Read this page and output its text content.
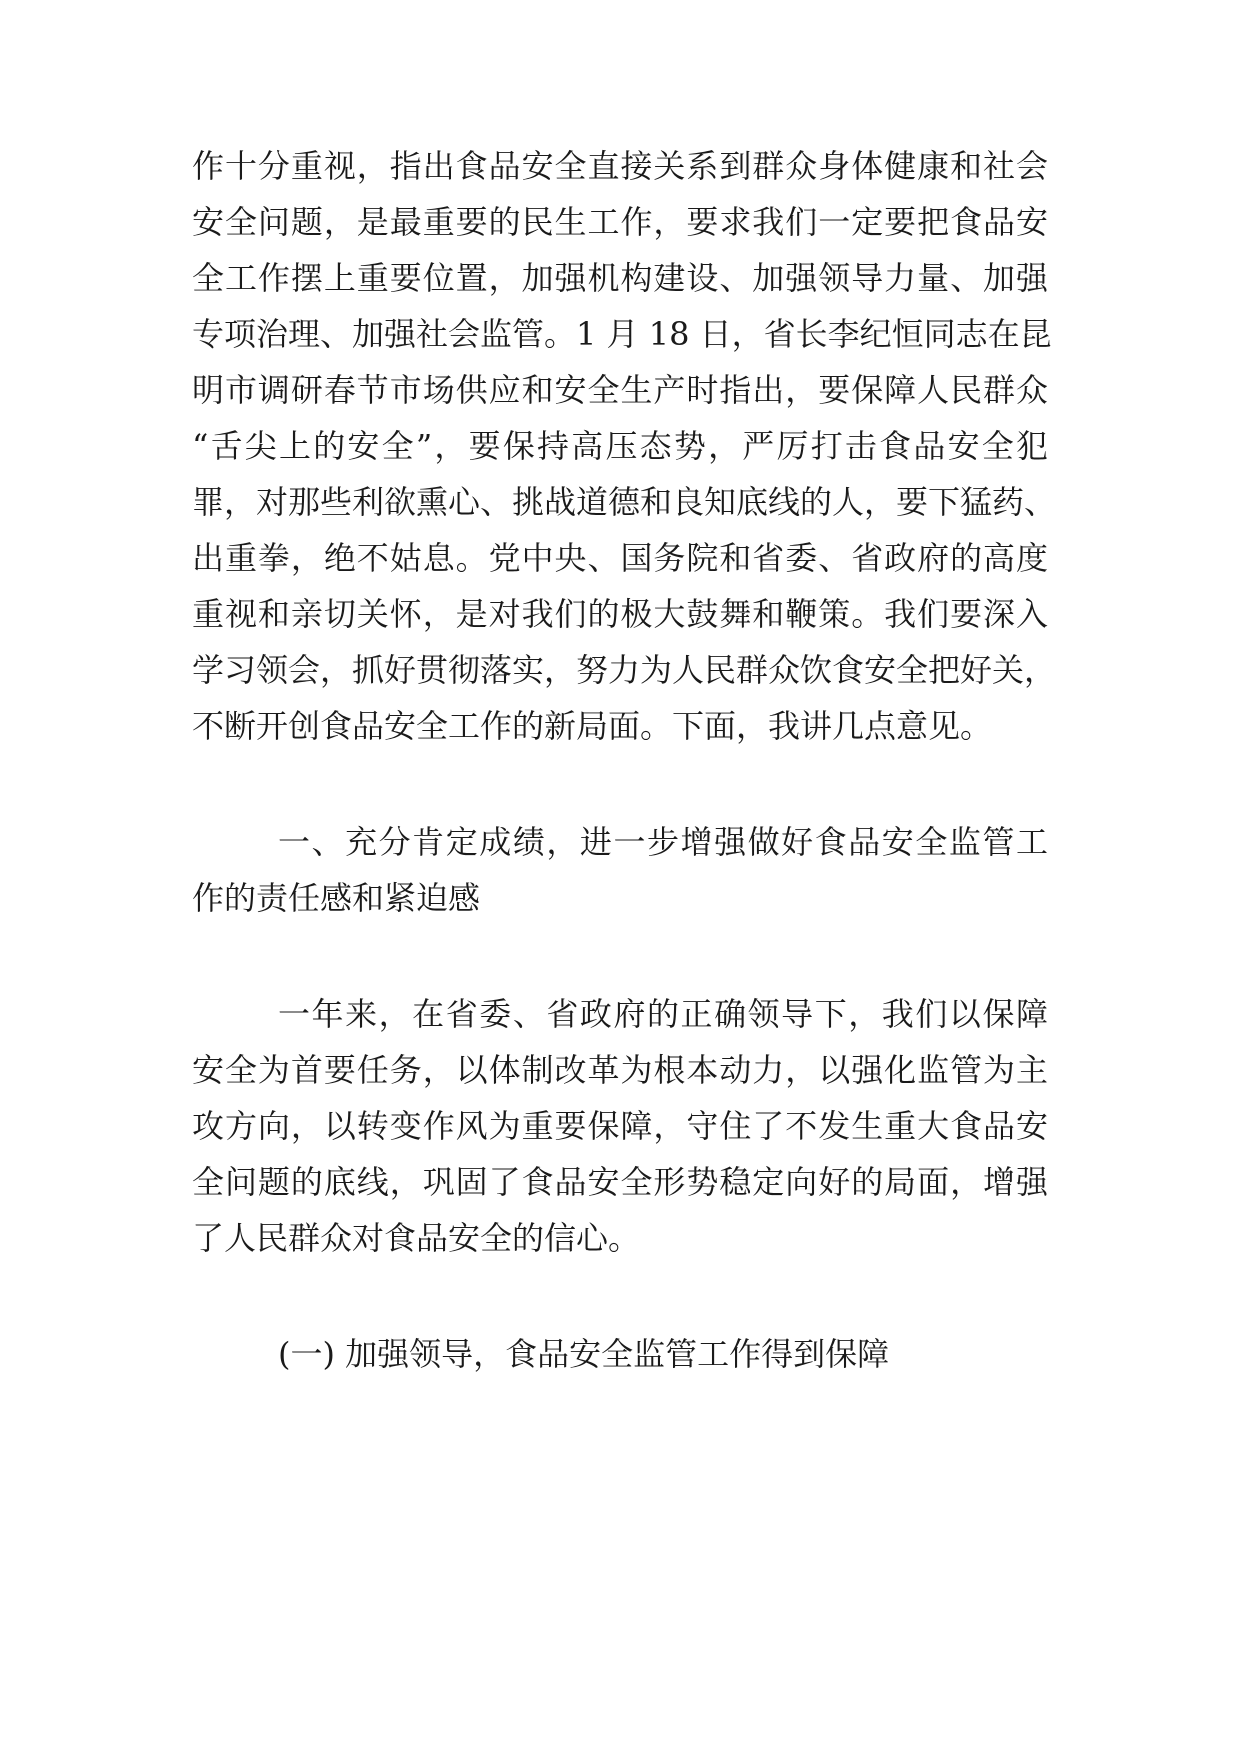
作十分重视，指出食品安全直接关系到群众身体健康和社会
安全问题，是最重要的民生工作，要求我们一定要把食品安
全工作摆上重要位置，加强机构建设、加强领导力量、加强
专项治理、加强社会监管。1 月 18 日，省长李纪恒同志在昆
明市调研春节市场供应和安全生产时指出，要保障人民群众
“舌尖上的安全”，要保持高压态势，严厉打击食品安全犯
罪，对那些利欲熏心、挑战道德和良知底线的人，要下猛药、
出重拳，绝不姑息。党中央、国务院和省委、省政府的高度
重视和亲切关怀，是对我们的极大鼓舞和鞭策。我们要深入
学习领会，抓好贯彻落实，努力为人民群众饮食安全把好关，
不断开创食品安全工作的新局面。下面，我讲几点意见。
一、充分肯定成绩，进一步增强做好食品安全监管工
作的责任感和紧迫感
一年来，在省委、省政府的正确领导下，我们以保障
安全为首要任务，以体制改革为根本动力，以强化监管为主
攻方向，以转变作风为重要保障，守住了不发生重大食品安
全问题的底线，巩固了食品安全形势稳定向好的局面，增强
了人民群众对食品安全的信心。
(一) 加强领导，食品安全监管工作得到保障
